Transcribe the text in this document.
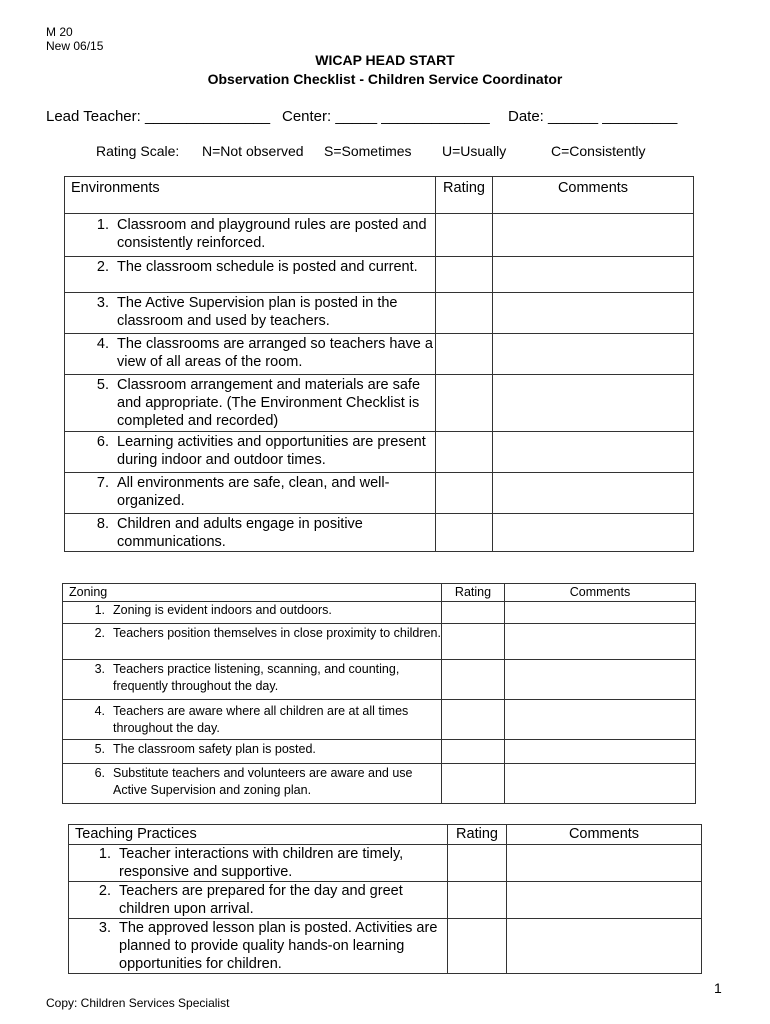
M 20
New 06/15
WICAP HEAD START
Observation Checklist - Children Service Coordinator
Lead Teacher: _______________ Center: _____ _____________ Date: ______ _________
Rating Scale: N=Not observed S=Sometimes U=Usually	C=Consistently
Environments	Rating	Comments

1. Classroom and playground rules are posted and consistently reinforced.		

2. The classroom schedule is posted and current.		

3. The Active Supervision plan is posted in the classroom and used by teachers.		

4. The classrooms are arranged so teachers have a view of all areas of the room.		

5. Classroom arrangement and materials are safe and appropriate. (The Environment Checklist is completed and recorded)		

6. Learning activities and opportunities are present during indoor and outdoor times.		

7. All environments are safe, clean, and well-organized.		

8. Children and adults engage in positive communications.		

Zoning	Rating	Comments

1. Zoning is evident indoors and outdoors.		

2. Teachers position themselves in close proximity to children.		

3. Teachers practice listening, scanning, and counting, frequently throughout the day.		

4. Teachers are aware where all children are at all times throughout the day.		

5. The classroom safety plan is posted.		

6. Substitute teachers and volunteers are aware and use Active Supervision and zoning plan.		

Teaching Practices	Rating	Comments

1. Teacher interactions with children are timely, responsive and supportive.		

2. Teachers are prepared for the day and greet children upon arrival.		

3. The approved lesson plan is posted. Activities are planned to provide quality hands-on learning opportunities for children.		

1
Copy: Children Services Specialist
